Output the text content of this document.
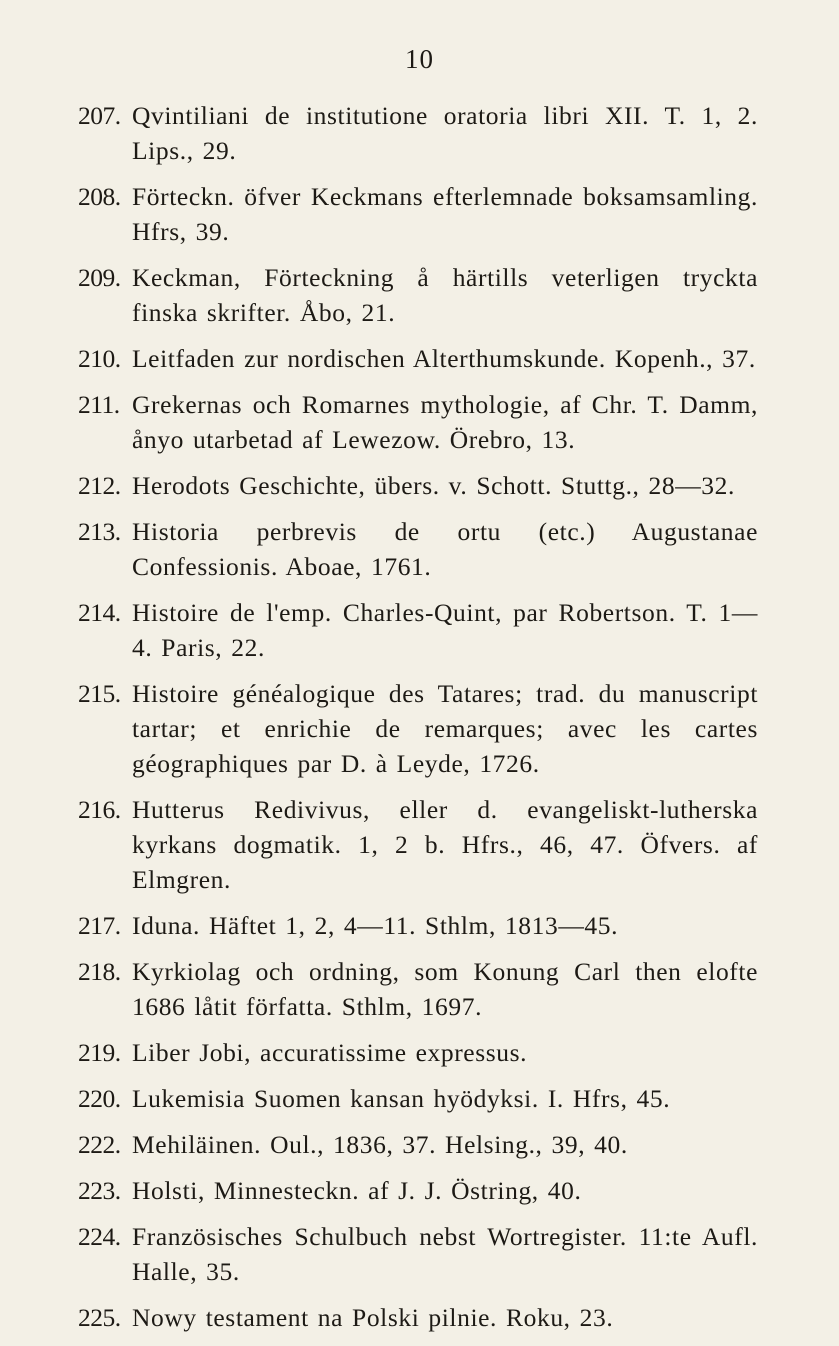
10
207. Qvintiliani de institutione oratoria libri XII. T. 1, 2. Lips., 29.
208. Förteckn. öfver Keckmans efterlemnade boksamsamling. Hfrs, 39.
209. Keckman, Förteckning å härtills veterligen tryckta finska skrifter. Åbo, 21.
210. Leitfaden zur nordischen Alterthumskunde. Kopenh., 37.
211. Grekernas och Romarnes mythologie, af Chr. T. Damm, ånyo utarbetad af Lewezow. Örebro, 13.
212. Herodots Geschichte, übers. v. Schott. Stuttg., 28—32.
213. Historia perbrevis de ortu (etc.) Augustanae Confessionis. Aboae, 1761.
214. Histoire de l'emp. Charles-Quint, par Robertson. T. 1—4. Paris, 22.
215. Histoire généalogique des Tatares; trad. du manuscript tartar; et enrichie de remarques; avec les cartes géographiques par D. à Leyde, 1726.
216. Hutterus Redivivus, eller d. evangeliskt-lutherska kyrkans dogmatik. 1, 2 b. Hfrs., 46, 47. Öfvers. af Elmgren.
217. Iduna. Häftet 1, 2, 4—11. Sthlm, 1813—45.
218. Kyrkiolag och ordning, som Konung Carl then elofte 1686 låtit författa. Sthlm, 1697.
219. Liber Jobi, accuratissime expressus.
220. Lukemisia Suomen kansan hyödyksi. I. Hfrs, 45.
222. Mehiläinen. Oul., 1836, 37. Helsing., 39, 40.
223. Holsti, Minnesteckn. af J. J. Östring, 40.
224. Französisches Schulbuch nebst Wortregister. 11:te Aufl. Halle, 35.
225. Nowy testament na Polski pilnie. Roku, 23.
